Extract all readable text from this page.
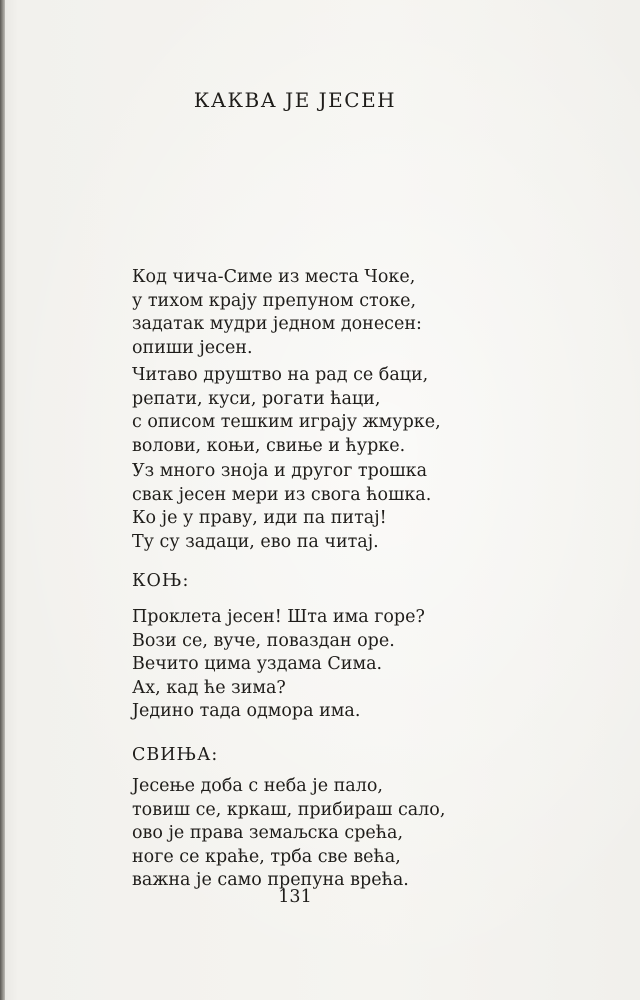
КАКВА ЈЕ ЈЕСЕН
Код чича-Симе из места Чоке,
у тихом крају препуном стоке,
задатак мудри једном донесен:
опиши јесен.
Читаво друштво на рад се баци,
репати, куси, рогати ћаци,
с описом тешким играју жмурке,
волови, коњи, свиње и ћурке.
Уз много зноја и другог трошка
свак јесен мери из свога ћошка.
Ко је у праву, иди па питај!
Ту су задаци, ево па читај.
КОЊ:
Проклета јесен! Шта има горе?
Вози се, вуче, поваздан оре.
Вечито цима уздама Сима.
Ах, кад ће зима?
Једино тада одмора има.
СВИЊА:
Јесење доба с неба је пало,
товиш се, кркаш, прибираш сало,
ово је права земаљска срећа,
ноге се краће, трба све већа,
важна је само препуна врећа.
131
